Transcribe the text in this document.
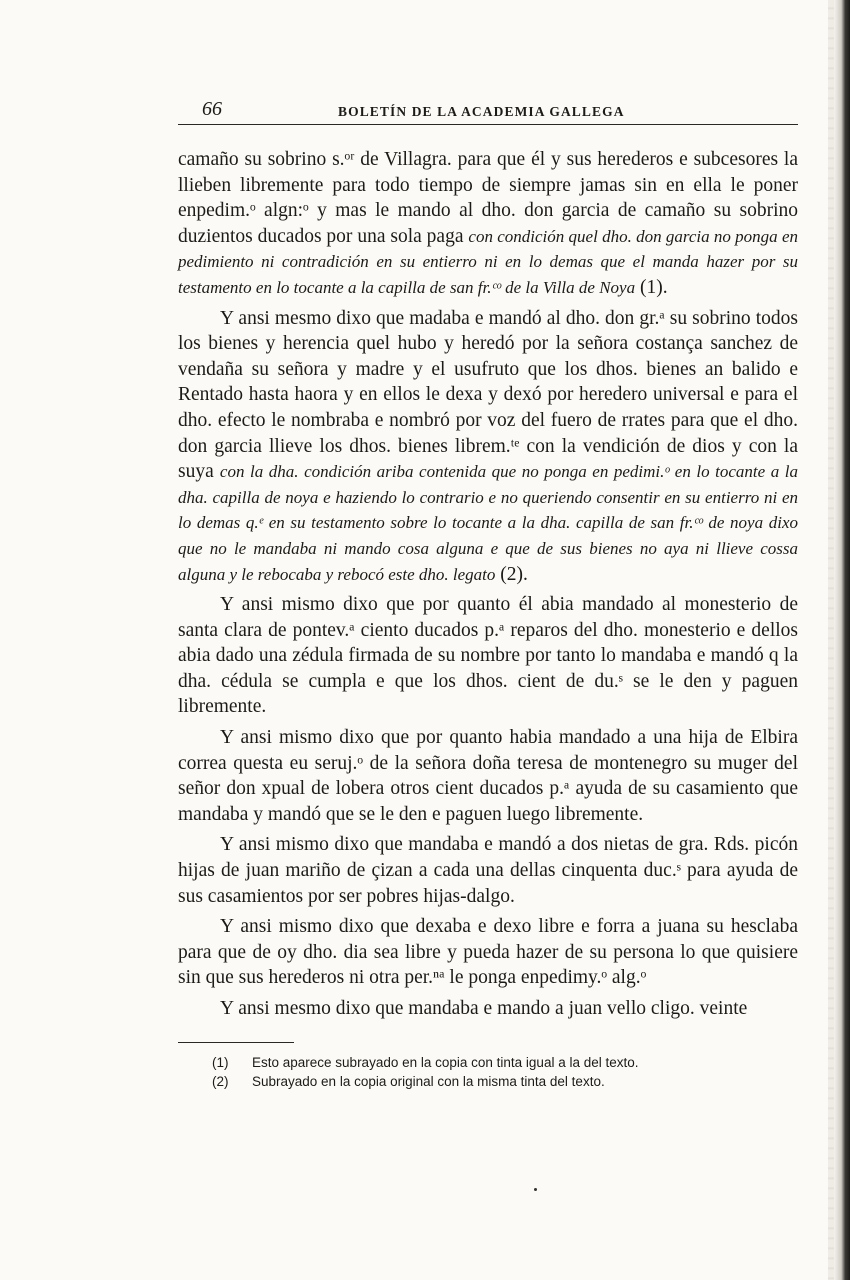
66	BOLETÍN DE LA ACADEMIA GALLEGA

camaño su sobrino s.ᵒʳ de Villagra. para que él y sus herederos e subcesores la llieben libremente para todo tiempo de siempre jamas sin en ella le poner enpedim.ᵒ algn:ᵒ y mas le mando al dho. don garcia de camaño su sobrino duzientos ducados por una sola paga con condición quel dho. don garcia no ponga en pedimiento ni contradición en su entierro ni en lo demas que el manda hazer por su testamento en lo tocante a la capilla de san fr.ᶜᵒ de la Villa de Noya (1).

Y ansi mesmo dixo que madaba e mandó al dho. don gr.ᵃ su sobrino todos los bienes y herencia quel hubo y heredó por la señora costança sanchez de vendaña su señora y madre y el usufruto que los dhos. bienes an balido e Rentado hasta haora y en ellos le dexa y dexó por heredero universal e para el dho. efecto le nombraba e nombró por voz del fuero de rrates para que el dho. don garcia llieve los dhos. bienes librem.ᵗᵉ con la vendición de dios y con la suya con la dha. condición ariba contenida que no ponga en pedimi.ᵒ en lo tocante a la dha. capilla de noya e haziendo lo contrario e no queriendo consentir en su entierro ni en lo demas q.ᵉ en su testamento sobre lo tocante a la dha. capilla de san fr.ᶜᵒ de noya dixo que no le mandaba ni mando cosa alguna e que de sus bienes no aya ni llieve cossa alguna y le rebocaba y rebocó este dho. legato (2).

Y ansi mismo dixo que por quanto él abia mandado al monesterio de santa clara de pontev.ᵃ ciento ducados p.ᵃ reparos del dho. monesterio e dellos abia dado una zédula firmada de su nombre por tanto lo mandaba e mandó q la dha. cédula se cumpla e que los dhos. cient de du.ˢ se le den y paguen libremente.

Y ansi mismo dixo que por quanto habia mandado a una hija de Elbira correa questa eu seruj.ᵒ de la señora doña teresa de montenegro su muger del señor don xpual de lobera otros cient ducados p.ᵃ ayuda de su casamiento que mandaba y mandó que se le den e paguen luego libremente.

Y ansi mismo dixo que mandaba e mandó a dos nietas de gra. Rds. picón hijas de juan mariño de çizan a cada una dellas cinquenta duc.ˢ para ayuda de sus casamientos por ser pobres hijas-dalgo.

Y ansi mismo dixo que dexaba e dexo libre e forra a juana su hesclaba para que de oy dho. dia sea libre y pueda hazer de su persona lo que quisiere sin que sus herederos ni otra per.ⁿᵃ le ponga enpedimy.ᵒ alg.ᵒ

Y ansi mesmo dixo que mandaba e mando a juan vello cligo. veinte

(1)	Esto aparece subrayado en la copia con tinta igual a la del texto.
(2)	Subrayado en la copia original con la misma tinta del texto.
